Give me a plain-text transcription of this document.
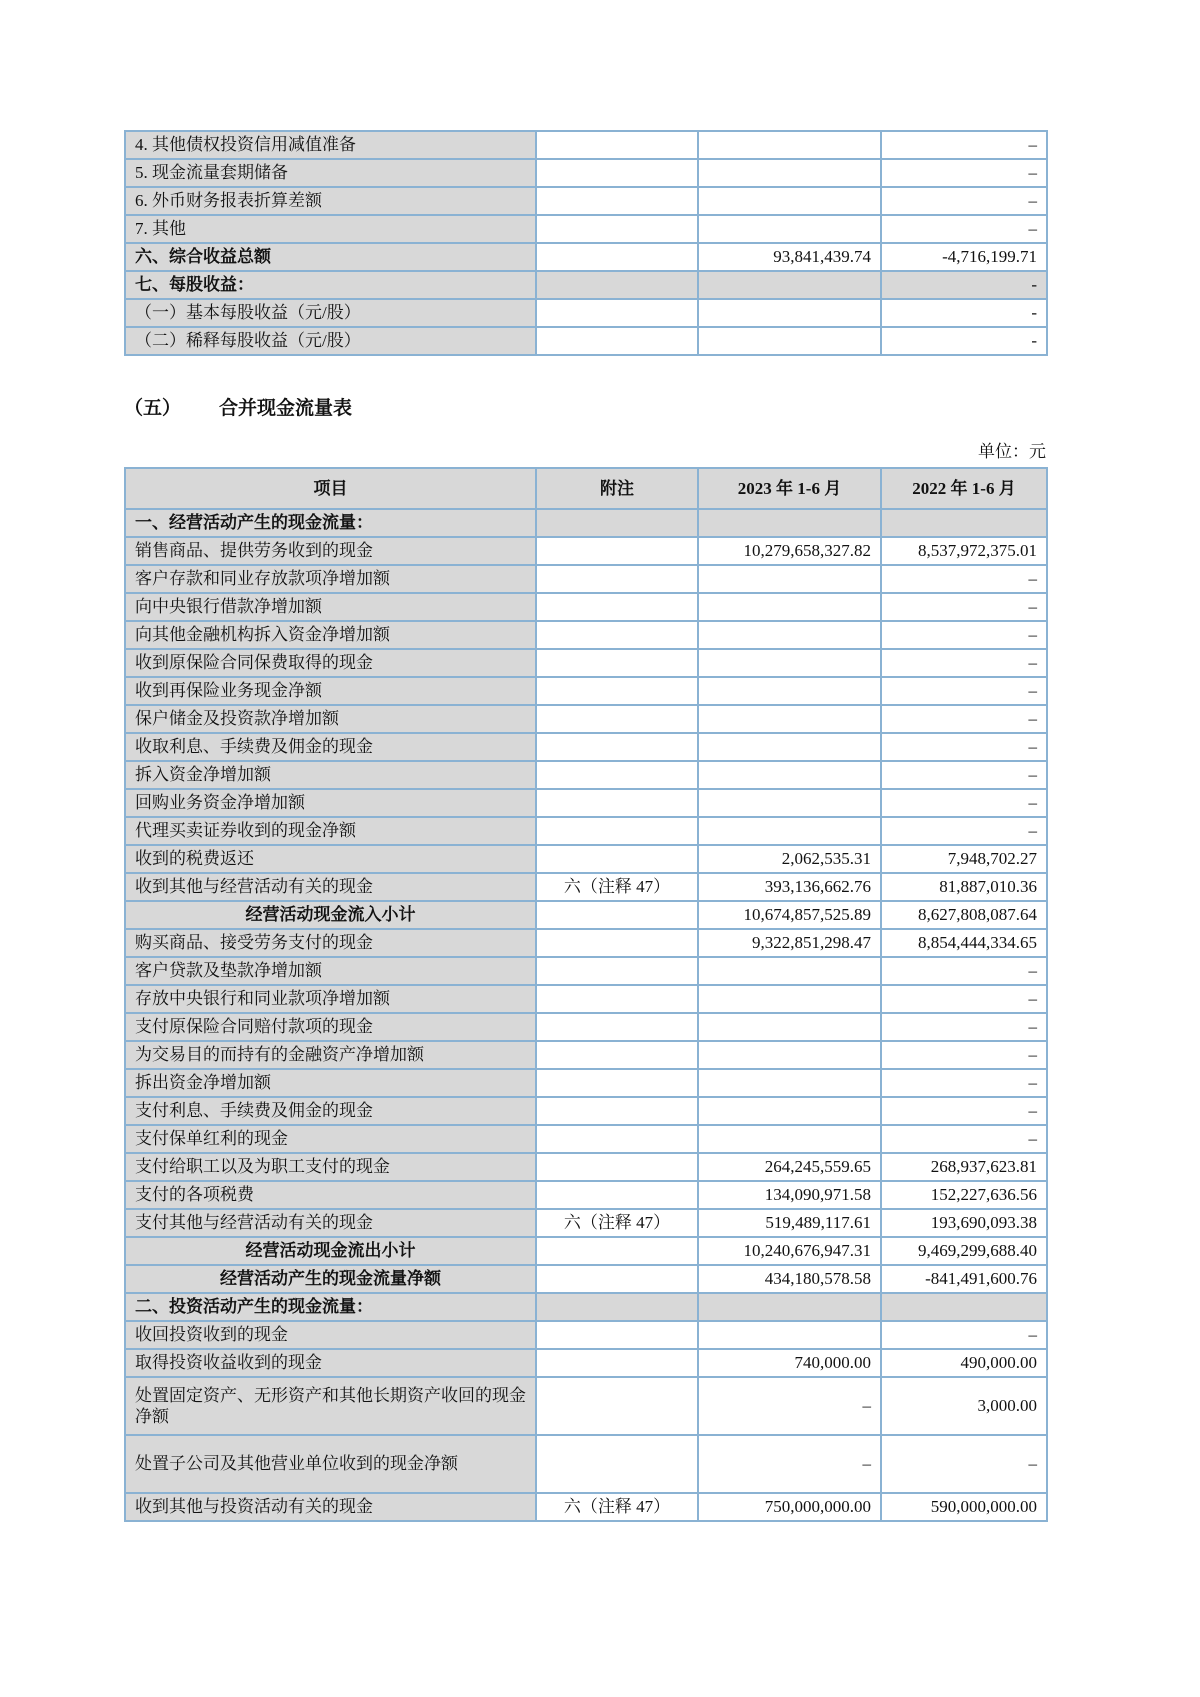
4. 其他债权投资信用减值准备			–
5. 现金流量套期储备			–
6. 外币财务报表折算差额			–
7. 其他			–
六、综合收益总额		93,841,439.74	-4,716,199.71
七、每股收益：			-
（一）基本每股收益（元/股）			-
（二）稀释每股收益（元/股）			-
（五） 合并现金流量表
单位：元
项目	附注	2023 年 1-6 月	2022 年 1-6 月
一、经营活动产生的现金流量：			
销售商品、提供劳务收到的现金		10,279,658,327.82	8,537,972,375.01
客户存款和同业存放款项净增加额			–
向中央银行借款净增加额			–
向其他金融机构拆入资金净增加额			–
收到原保险合同保费取得的现金			–
收到再保险业务现金净额			–
保户储金及投资款净增加额			–
收取利息、手续费及佣金的现金			–
拆入资金净增加额			–
回购业务资金净增加额			–
代理买卖证券收到的现金净额			–
收到的税费返还		2,062,535.31	7,948,702.27
收到其他与经营活动有关的现金	六（注释 47）	393,136,662.76	81,887,010.36
经营活动现金流入小计		10,674,857,525.89	8,627,808,087.64
购买商品、接受劳务支付的现金		9,322,851,298.47	8,854,444,334.65
客户贷款及垫款净增加额			–
存放中央银行和同业款项净增加额			–
支付原保险合同赔付款项的现金			–
为交易目的而持有的金融资产净增加额			–
拆出资金净增加额			–
支付利息、手续费及佣金的现金			–
支付保单红利的现金			–
支付给职工以及为职工支付的现金		264,245,559.65	268,937,623.81
支付的各项税费		134,090,971.58	152,227,636.56
支付其他与经营活动有关的现金	六（注释 47）	519,489,117.61	193,690,093.38
经营活动现金流出小计		10,240,676,947.31	9,469,299,688.40
经营活动产生的现金流量净额		434,180,578.58	-841,491,600.76
二、投资活动产生的现金流量：			
收回投资收到的现金			–
取得投资收益收到的现金		740,000.00	490,000.00
处置固定资产、无形资产和其他长期资产收回的现金净额		–	3,000.00
处置子公司及其他营业单位收到的现金净额		–	–
收到其他与投资活动有关的现金	六（注释 47）	750,000,000.00	590,000,000.00
